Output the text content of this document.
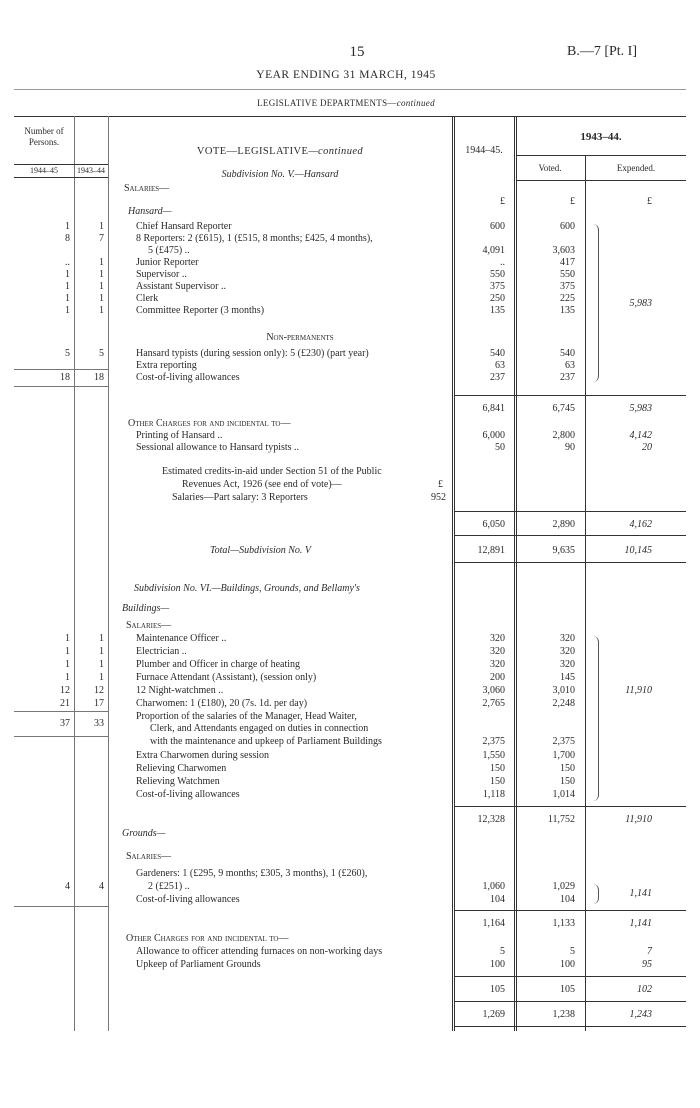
15	B.—7 [Pt. I]
YEAR ENDING 31 MARCH, 1945
LEGISLATIVE DEPARTMENTS—continued
Number of Persons.
1944–45 1943–44
VOTE—LEGISLATIVE—continued	1944–45.
1943–44.
Voted.	Expended.
Subdivision No. V.—Hansard
Salaries—
Hansard—
£	£	£
1	1	Chief Hansard Reporter	600	600
8	7	8 Reporters: 2 (£615), 1 (£515, 8 months; £425, 4 months),
5 (£475) ..	4,091	3,603
..	1	Junior Reporter	..	417
1	1	Supervisor ..	550	550
1	1	Assistant Supervisor ..	375	375
1	1	Clerk	250	225
1	1	Committee Reporter (3 months)	135	135
Non-permanents
5	5	Hansard typists (during session only): 5 (£230) (part year)	540	540
Extra reporting	63	63
18 18	Cost-of-living allowances	237	237
5,983
6,841	6,745	5,983
Other Charges for and incidental to—
Printing of Hansard ..	6,000	2,800	4,142
Sessional allowance to Hansard typists ..	50	90	20
Estimated credits-in-aid under Section 51 of the Public
Revenues Act, 1926 (see end of vote)—	£
Salaries—Part salary: 3 Reporters	952
6,050	2,890	4,162
Total—Subdivision No. V	12,891	9,635	10,145
Subdivision No. VI.—Buildings, Grounds, and Bellamy's
Buildings—
Salaries—
1	1	Maintenance Officer ..	320	320
1	1	Electrician ..	320	320
1	1	Plumber and Officer in charge of heating	320	320
1	1	Furnace Attendant (Assistant), (session only)	200	145
12 12	12 Night-watchmen ..	3,060	3,010
21 17	Charwomen: 1 (£180), 20 (7s. 1d. per day)	2,765	2,248
Proportion of the salaries of the Manager, Head Waiter,
Clerk, and Attendants engaged on duties in connection
with the maintenance and upkeep of Parliament Buildings	2,375	2,375
37 33
Extra Charwomen during session	1,550	1,700
Relieving Charwomen	150	150
Relieving Watchmen	150	150
Cost-of-living allowances	1,118	1,014
11,910
12,328	11,752	11,910
Grounds—
Salaries—
Gardeners: 1 (£295, 9 months; £305, 3 months), 1 (£260),
2 (£251) ..
4	4	1,060	1,029
Cost-of-living allowances	104	104
1,141
1,164	1,133	1,141
Other Charges for and incidental to—
Allowance to officer attending furnaces on non-working days	5	5	7
Upkeep of Parliament Grounds	100	100	95
105	105	102
1,269	1,238	1,243
